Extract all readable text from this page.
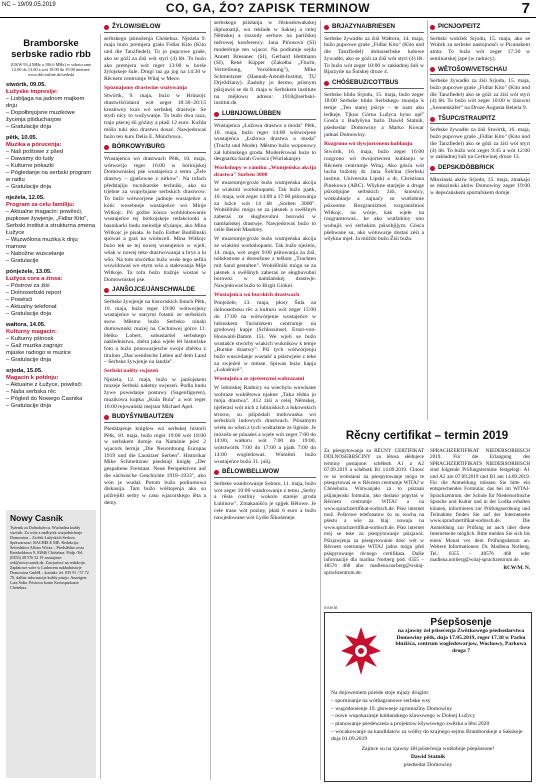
NC – 19/09.05.2019	CO, GA, ŹO? ZAPISK TERMINOW	7
Bramborske serbske radio rbb
(UKW 93,4 MHz a 106,6 MHz) w sobotu rano 12.00 do 13.00 a wót 18.00 do 19.00 internet: www.rbb-online.de/serbski
stwórtk, 09.05.
Łužyske impresije:
– Lisbljaga na jadnom majkem dnju
– Dopołbnjojsne muzikowe žycenja pšiducharjow
– Gratulacije dnja
pětk, 10.05.
Muzika a pórucenja:
– Naš poštowe z pšed
– Dawamy do ludy
– Kulturne pokazki
– Pógledanje na serbski program w radiu
– Gratulacije dnja
njeźela, 12.05.
Program za celu familiju:
– Aktualne magacin: powěsći, pupkowe žywjenje, „Fidlar Kito", Serbski institut a strukturna zmena Łužyce
– Wuzwólona muzika k dnju mamow
– Nabožne wuscełanje
– Gratulacije
pónjeźele, 13.05.
Łužyca cora a źinsa:
– Póstrow za źiśi
– Dolnoserbski report
– Powěsći
– Aktualny telefonat
– Gratulacije dnja
wałtora, 14.05.
Kulturny magacin:
– Kulturny pśinosk
– Gaž muzika zagrajo:
mjaske radiogo w muzice
– Gratulacije dnja
srjoda, 15.05.
Magacin k połdnju:
– Aktualne z Łužyce, powěsći
– Naša serbska rěc
– Pógled do Nowego Casnika
– Gratulacije dnja
Nowy Casnik
Tyźenik za Dolnolužycu. Wuchadna kuždy stwórtk. Za wóte a nadbytek wurjadnicharje Domowina – Zwězk Łužyskich Serbow. Spótwarnosć: RACHELE ME. Redakcija: Šefredaktor Alfons Wićaz – Pśedslědna cesta Reinholdowa 9, 03046 Chóśebuz. Pódp.-Tel. (0355) 48 576 52 19 wustajone: red@nowycasnik.de. Zawjartosć na redakcija. Zapłatowe wóte w Ludowem nakładnistwje Domowina GmbH – kontakt: tel. 035 91 / 57 72 70, dalšne informacije kuždy pisnjo. Anzeigen: Lutz Šołta. Póstowa konto Kreissparkasse Chóśebuz.
ŽYLOW/SIELOW

serbskego pśinošenja Chóśebuz. Njeźela 9. maja bużo premjera grała Fidlar Kito (Kito und die Tanzfiedel). To jo pupcowe graše, ako se góźi za źiśi wót styri (4) lět. To buźo ako premjera wót reger 13:00 w horše žylojskeje šule. Drugi raz ga jog na 14:30 w Rěcnem centrumje Witaj w Mece.

Spóznajomy drastwine wužywanja

Stwórtk, 9. maja, bużo w Hrinzojc drastwišćódarni wót zeger 18:30–20:15 kreatiwny kurs wó serbskej drastwje. Se stydi nicy to wužywanje. To bužo dwa raza, trajo pśecej tši góźiny a płaśi 12 euro. Kužda móšo tuki ako drastwu dosać. Nawjedowaś bużo ten kurs Delia E. Münchowa.

BÓRKOWY/BURG

Wustajeńca wó drastwach Pětk, 10. maja, wótworijo reger 16:00 w bórkojskej Domowniskej pśe wustajeńca z temu „Žele drastwy – gjatšowne z nitkow". Na tofach předstajiju rucnikarske techniki, ako su trjebne za wupyšnjane serbskich drastwow. To bužo wótworjene jadnoje wustajeńce a kóńc wosebneje wustajeńce wó Minje Witkojc. Pó góźbe kónca wobhlubowanie wustajeńce tej bórkojskeje redakcionki a basnikarki budu melodije sfyśanju, ako Mina Witkojc je pisała. Je bužo Esther Budišinski spówaś a graś na wiołnceli. Mina Witkojc bużo tek se tej nowej wustajeńce w wjeli, wšak w nowej teke drastwowanja a brys a lu wšo. Na tom stwórtku bužo wuše tego sefila wuwidowaś wo etym wšo a stałowanja Mije Witkoje. Ta tofa bužo tražnje wostaś w Domowniskej pśe.

JANŠOJCE/JÄNSCHWALDE

Serbske žywjenje na historiskich fotach Pětk, 10. maja, bužo reger 19:00 wótworjeny wustajeńce w starymi fotami ze serbskich ssow. Městno bužo Serbsko ninski domowniski muzej na Cechniwej górce 11. Hetko Lobert, sobustaršel serbskego naklednistwa, zběra jako wjele lět historiske foto a bužo pónowarjesche swoju zběrku z titulom „Das wendische Leben auf dem Land – Serbske žywjenje na landźe".

Serbski nalěty swjezeń

Njeźela, 12. maja, bužo w janšojskem muzeje Serbski nałetny swjezeń. Podla budu žywe powedanje postawy (Sagenfiguren), muzikowa kupka „Kula Bula" a wót reger 16:00 rejowański mejstar Michael Apel.

BUDYŠYN/BAUTZEN

Pśedstajenje knigłow wó serbskej historii Pětk, 10. maja, bužo reger 19:00 wót 18:00 w serbskem domje na Namśnie póst 2 wjacork lermja „Die Neuordnung Europas 1919 und die Lausitzer Serben". Historikar Mike Schmeitzner pśedstaji knigłę „Der gespaltene Freistaat. Neue Perspektiven auf die sächsische Geschichte 1918–1933", ako wón je wudał. Potom bužo podiumowa diskusija. Tam bužo wóštojenja ako su póžrejiłli serby w casu wjacorskego lěta a demy.

serbskego pśisłanja w čěskosłowakskej diplomatiji, wó reklade w Saksej a celej Němskej a rozsudy serbow na parižskej měrowej konferency. Jana Pińosová (SI) moderěruje ten wjacor. Na podiumje sejdu Annett Bresanec (SI), Gerhard Hettmann (SI), René Küpper (Zakołba „Flucht, Vertreibung, Versöhnung"), Mike Schmeitzner (Hannah-Arendt-Institut, TU Drježdźany). Zasłuhy jo dermo, pśisnym pśizjawiś se do 8. maja w Serbskem institute na mějłowu adresu: 1918@serbski-institut.de.

LUBNJOW/LÜBBEN

Wustajeńca „Łužowa drastwa a moda" Pětk, 10. maja, bužo reger 14:00 wótworjene wustajeńca „Łužowa drastwa a moda" (Tracht und Mode). Městno bužo woponowy zał lubinskego groda. Moderěrowaś bużo to desgnarka Sarah Gwiscz (Wurlakanje).

Workshopy w ramiku „Wumjeńska akcija drastwa" Sorben 3000

W muzeumje/groźe bužo wumjeńska akcija ze wiakimi workshopami. Tak bužo pjatk, 10. maja, wót zeger 14:00 a 17:00 pśitowanja za lužce wót 14 lět „Sorben 3000". Wobźělniki mógu se za jałsnek a swělšnyh zaberaś ze sługbuvuhni borowki w namšańskej drastwje. Nawjedowaś bužo to ceile Benoit Maubrey.

W muzeumje/groźe bužo wumjeńska akcija ze wiakimi workshopami. Tak bužo njeźelu, 14. maja, wót zeger 9:00 pśitowanja za źiśi, nóbdostone a doreošone z tešlom „Trachten mit Sand gestalten". Wobźělniki mógu se za jałsnek a swělšnyh zaberaś ze sługbuvuhni borowki w namšańskej drastwje. Nawjedowaś bužo to Birgit Ginkel.

Wustajeńca wó burskich drastwach

Pónjeźele, 13. maja, płosy Šula za dolnoserbsku rěc a kulturu wót zeger 15:00 do 17:00 na wótwórjenie wustajeńce w lubinskem Turistiskem centrumje na grodowej kupje (Schlossinsel, Ernst-von-Houwald-Damm 15). We wjeli se bužo wustašće stwórby wiakich wuknikow k temje „Burske drastwy". Pśi tych wótwórjenju bužo wuscedanje wustašć a pśistwjeśe z teke za swjeźeń w méase. Spiwas bużo kapja „Łokašnicë".

Wustajeńca ze zjeśeenymi wobrazami

W lubinskej Radnicy su wiechylu wuwisane wobraze wuklětowa njakne „Taka rědna jo mója drastwa". 412 źiśi a celej Němskej, njeferasí wót nich z lubiniskich a łukowskich stroow, su pšipósłali molowanka wó serbskich ludowych drastwach. Pśisamym wiełu su wšen z tych wuštaźene ze ligtoźe. Je mózošo se pónaśeś a wjele wót zeger 7:00 do 14:00, wałtoru wót 7:00 do 19:00, wótstwórtk 7:00 do 17:00 a pjatk 7:00 do 14:00 wogledowaś. Wuměsti bužo wustajeńce bužo 31. julij.

BĚLOW/BELLWOW

Serbske wandrowanje Sobotu, 11. maja, bužo wót zeger 10:00 wandrowanje z temu „Serby a rěsła rostliny wokolo stareje groda Łubinow". Zmakanišćo je spjjek Bělowe. Je cełe traso wót poziny, płaśi 6 euro a bužo nawjedowane wót Lydie Šikośeneje.

BRJAZYNA/BRIESEN

Serbske žywadło za źiśi Wałtoru, 14. maja, bužo pupcowe graše „Fidlar Kito" (Kito und die Tanzfiedel) dolnoserbske ludowe žywadło, ako se góźi za źiśi wót styri (4) lět. To bužo wót zeger 10:00 w zakładnej šuli w Bjarzyńe na Šulskej droze 4.

CHÓŚEBUZ/COTTBUS

Serbske hlido Srjodu, 15. maja, bužo zeger 18:00 Serbske hlido Serbskego muzeja k temje „Ten starej pśicje – te nam ako ledkeje. Tjkuo Górna Lužyca hyno opł" Gosća z Budyšyna bužo Dawid Statnik, pśedsedar Domowiny a Marko Kowar jadnaś Domowiny.

Rozgrono wó dywjorcenem kubłanju

Stwórtk, 16. maja, bužo zeger 16:00 rozgrono wó dwujortecem kubłanju w Rěcnem centrumje Witaj. Ako gósća wót lucha bužotej dr. Jana Šołćina (Serbski institut, Universita Lipsk) a dr. Christiana Pinekowa (ABC). Wšykne starjejie a druge pśisobjujne serbskich źiśi, knosńcy, wótkubłarje a zajnaćy su wutšobnie pśisoome. Rozgraniżmoś rozgraniżmoś Witkojc, na wórje, kak wjele na rozgramtowaś.. ke ako wutšobiny ono wubujiś wó serbskim pśisobjijym. Gósća pšebwane su, ako wótuwarje dostaś zéśi a wšykna mjeł. Ja móždo bužo Źiśi bužo.

PICNJO/PEITZ

Serbski wubžek Srjodu, 15. maja, ako se Wubrk za serbske nastojnosći w Picanskem amtu. To bužo wót zeger 17:30 w seminarskej jspe (w radnicy).

WĚTOŠOW/VETSCHAU

Serbske žywadło za źiśi Srjodu, 15. maja, bužo pupcowe graše „Fidlar Kito" (Kito und die Tanzfiedel) ako se góźi za źiśi wót styri (4) lět. To bužo wót zeger 10:00 w źiśowni „Sonnenkäfer" na Droze Augusta Bebela 9.

TŠUPC/STRAUPITZ

Serbske žywadło za źiśi Stwórtk, 16. maja, bužo pupcowe graše „Fidlar Kito" (Kito und die Tanzfiedel) ako se góźi za źiśi wót styri (4) lět. To bužo wót zeger 9:45 a wót 12:00 w zakładnej šuli na Cerkwinej droze 13.

DEPSK/DÖBBRICK

Młozinski aktiw Srjodu, 15. maja, zmakajo se młozinski aktiw Domowiny zeger 19:00 w depsćańskem sportařskem domje.

Rěcny certifikat – termin 2019

Za pśespytowanja za RĚCNY CERTIFIKAT DOLNOSERBŠĆINY za lětosa słědujece terminy postajone: schěbstk A1 a A2 07.09.2019 a schěbstk B1 14.09.2019. Chtosć ce so wobstaraś na pśespytowanje mógu te pśespytowaś se w Rěcnem centrumje WITAJ w Chóśebuzu. Wótwanjało za to pśiznan pśijanjenski formular, ako dostaśo pópytaś w Rěcnem centrumje WITAJ a na www.sprachzertifikat-sorbisch.de. Pśez internet mož. Poštrowe telefonatow śo su wocha na pšestu a wše za hlaj: nowaja na www.sprachzertifikat-sorbisch.de. Pśez internet mój se teke za pśespytowanje pśizjawiś. Pśizjawjenja za pśespytowanie dósć wót w Rěcnem centrumje WITAJ jadno mógu přeš pśispytowanje rěcnego certifikata. Dalše informacije dla marlisa Norberg pód. 0355 – 48576 468 abo: madlena.norberg@wsitaj-sprachzentrum.de.

SPRACHZERTIFIKAT NIEDERSORBISCH 2019. Für die Erlangung des SPRACHZERTIFIKATS NIEDERSORBISCH sind folgende Prüfungstermine festgelegt: A1 und A2 am 07.09.2019 und B1 am 14.09.2019. Für die Anmeldung müssen Sie bitte ein entsprechendes Formular, das bei im WITAJ-Sprachzentrum, der Schule für Niedersorbische Sprache und Kultur und in der Lodka erhalten können, informieren zur Prüfungsordnung und Teilnahme finden Sie auf der Internetseite www.sprachzertifikat-sorbisch.de. Die Anmeldung zur Prüfung ist auch über diese Internetseite möglich. Bitte melden Sie sich bis einen Monat vor dem Prüfungsdatum an. Weitere Informationen: Dr. Madlena Norberg, Tel.: 0355 – 48576 468 oder madlena.norberg@witaj-sprachzentrum.de.

RCW/M. N.

inserat
Pśepšosenje
na zjawny źeł pśisećenja Zwězkowego pśedsedarstwa Domowiny pětk, dnja 17.05.2019, reger 17.30 w Parku błuźišća, centrum wogledowarjow, Wochowy, Parkowa droga 7

Na dnjowemem póréde stoje mjazy drugim:

– spominanje na wótbagranowe serbske wsy

– wugódnośenje 19. głowneje zgromaźiny Domowiny

– nowe wupokazanje kubłanskego klawowego w Dolnej Łužycy

– planowanje pśedewześa a projektow kšywowego zwězka a lěto 2020

– wócakowanje na kandidatow za wólby do krajnego sejmu Bramborskeje a Sakskeje dnja 01.09.2019

Zajmce su na zjawny źěł pśisećenja wutšobnje pśepšosone!

Dawid Statnik

pśedsedar Domowiny
